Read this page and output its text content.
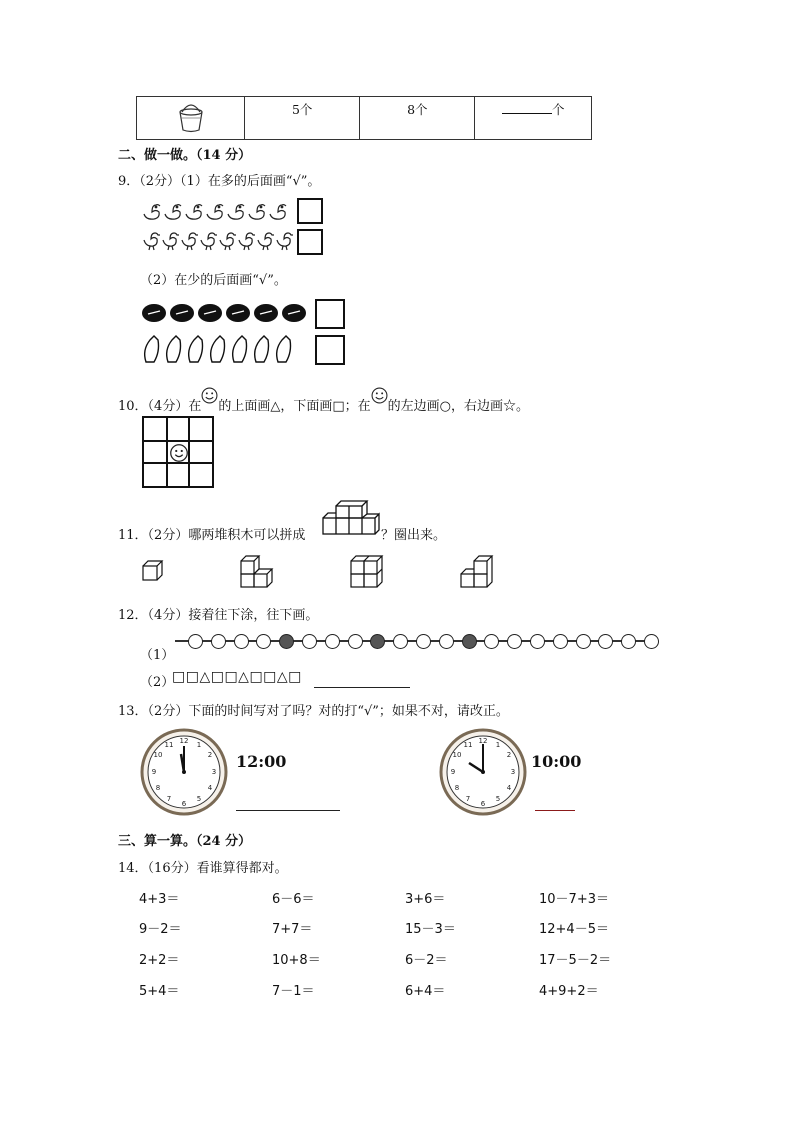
	5个	8个	个
二、做一做。（14 分）
9．（2分）（1）在多的后面画“√”。
（2）在少的后面画“√”。
10．（4分）在 的上面画△，下面画□；在 的左边画○，右边画☆。
11．（2分）哪两堆积木可以拼成	？圈出来。
12．（4分）接着往下涂，往下画。
（1）
（2）
□□△□□△□□△□
13．（2分）下面的时间写对了吗？对的打“√”；如果不对，请改正。
12 1
2
3
4
5
6
7
8
9
10
11
12:00
12 1
2
3
4
5
6
7
8
9
10
11
10:00
三、算一算。（24 分）
14．（16分）看谁算得都对。
4+3＝	6－6＝	3+6＝	10－7+3＝
9－2＝	7+7＝	15－3＝	12+4－5＝
2+2＝	10+8＝	6－2＝	17－5－2＝
5+4＝	7－1＝	6+4＝	4+9+2＝
